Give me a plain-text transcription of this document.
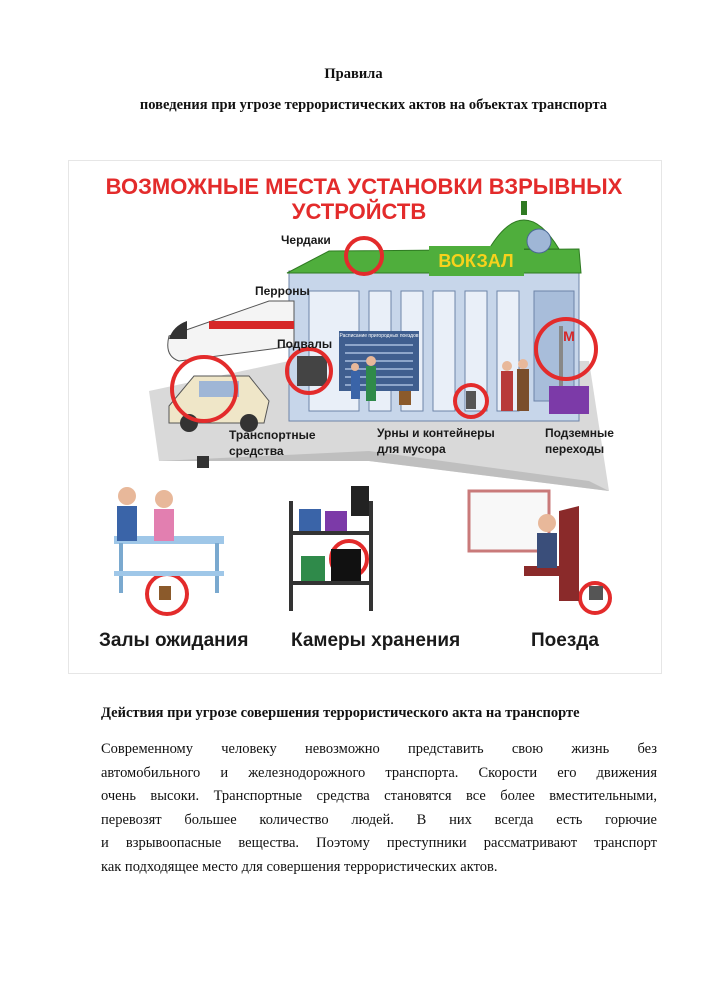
Правила
поведения при угрозе террористических актов на объектах транспорта
ВОЗМОЖНЫЕ МЕСТА УСТАНОВКИ ВЗРЫВНЫХ
УСТРОЙСТВ
ВОКЗАЛ
Расписание пригородных поездов	М
Чердаки
Перроны
Подвалы
Транспортные
средства
Урны и контейнеры
для мусора
Подземные
переходы
Залы ожидания Камеры хранения	Поезда
Действия при угрозе совершения террористического акта на транспорте
Современному человеку невозможно представить свою жизнь без
автомобильного и железнодорожного транспорта. Скорости его движения
очень высоки. Транспортные средства становятся все более вместительными,
перевозят большее количество людей. В них всегда есть горючие
и взрывоопасные вещества. Поэтому преступники рассматривают транспорт
как подходящее место для совершения террористических актов.
